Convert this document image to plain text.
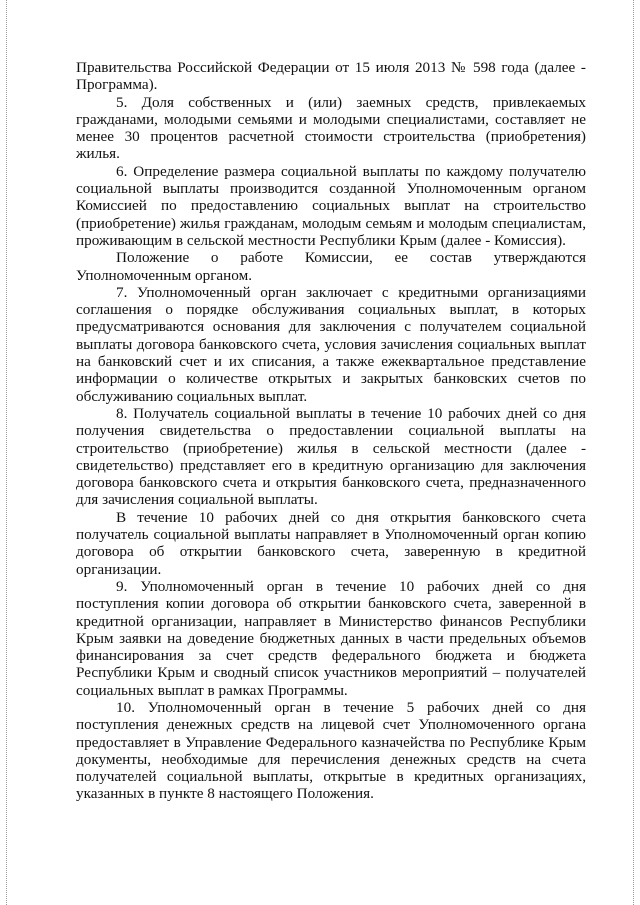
Правительства Российской Федерации от 15 июля 2013 № 598 года (далее - Программа).

5. Доля собственных и (или) заемных средств, привлекаемых гражданами, молодыми семьями и молодыми специалистами, составляет не менее 30 процентов расчетной стоимости строительства (приобретения) жилья.

6. Определение размера социальной выплаты по каждому получателю социальной выплаты производится созданной Уполномоченным органом Комиссией по предоставлению социальных выплат на строительство (приобретение) жилья гражданам, молодым семьям и молодым специалистам, проживающим в сельской местности Республики Крым (далее - Комиссия).

Положение о работе Комиссии, ее состав утверждаются Уполномоченным органом.

7. Уполномоченный орган заключает с кредитными организациями соглашения о порядке обслуживания социальных выплат, в которых предусматриваются основания для заключения с получателем социальной выплаты договора банковского счета, условия зачисления социальных выплат на банковский счет и их списания, а также ежеквартальное представление информации о количестве открытых и закрытых банковских счетов по обслуживанию социальных выплат.

8. Получатель социальной выплаты в течение 10 рабочих дней со дня получения свидетельства о предоставлении социальной выплаты на строительство (приобретение) жилья в сельской местности (далее - свидетельство) представляет его в кредитную организацию для заключения договора банковского счета и открытия банковского счета, предназначенного для зачисления социальной выплаты.

В течение 10 рабочих дней со дня открытия банковского счета получатель социальной выплаты направляет в Уполномоченный орган копию договора об открытии банковского счета, заверенную в кредитной организации.

9. Уполномоченный орган в течение 10 рабочих дней со дня поступления копии договора об открытии банковского счета, заверенной в кредитной организации, направляет в Министерство финансов Республики Крым заявки на доведение бюджетных данных в части предельных объемов финансирования за счет средств федерального бюджета и бюджета Республики Крым и сводный список участников мероприятий – получателей социальных выплат в рамках Программы.

10. Уполномоченный орган в течение 5 рабочих дней со дня поступления денежных средств на лицевой счет Уполномоченного органа предоставляет в Управление Федерального казначейства по Республике Крым документы, необходимые для перечисления денежных средств на счета получателей социальной выплаты, открытые в кредитных организациях, указанных в пункте 8 настоящего Положения.
